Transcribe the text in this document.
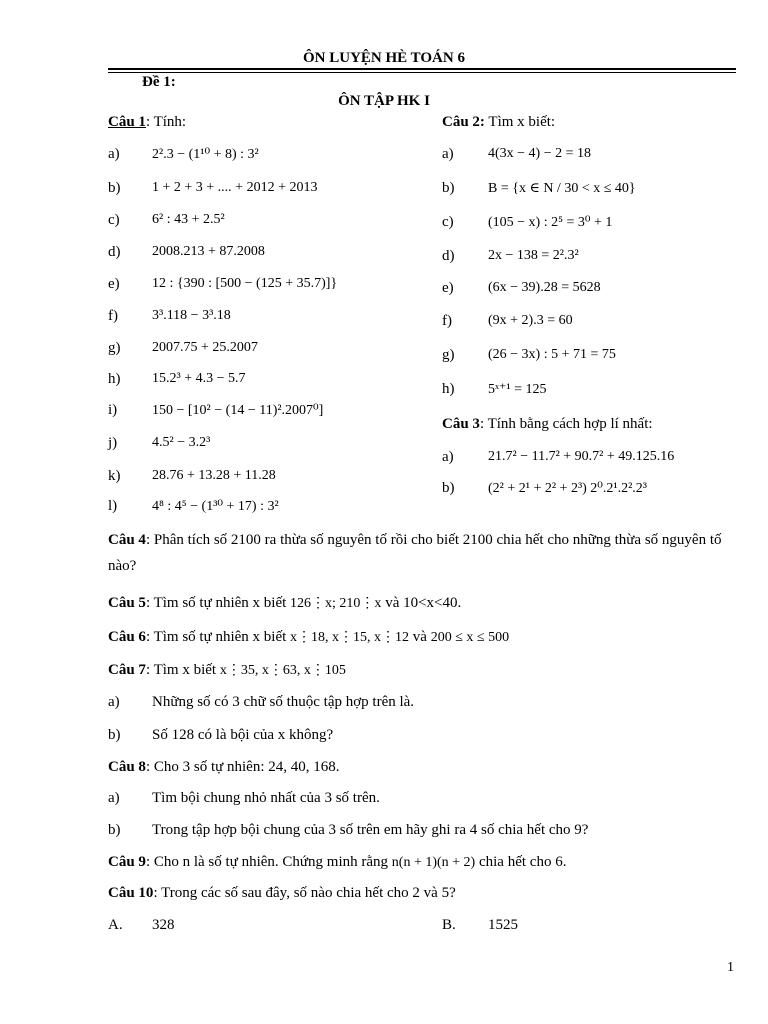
ÔN LUYỆN HÈ TOÁN 6
Đề 1:
ÔN TẬP HK I
Câu 1: Tính:
a) 2².3 − (1¹⁰ + 8) : 3²
b) 1 + 2 + 3 + .... + 2012 + 2013
c) 6² : 43 + 2.5²
d) 2008.213 + 87.2008
e) 12 : {390 : [500 − (125 + 35.7)]}
f) 3³.118 − 3³.18
g) 2007.75 + 25.2007
h) 15.2³ + 4.3 − 5.7
i) 150 − [10² − (14 − 11)².2007⁰]
j) 4.5² − 3.2³
k) 28.76 + 13.28 + 11.28
l) 4⁸ : 4⁵ − (1³⁰ + 17) : 3²
Câu 2: Tìm x biết:
a) 4(3x − 4) − 2 = 18
b) B = {x ∈ N / 30 < x ≤ 40}
c) (105 − x) : 2⁵ = 3⁰ + 1
d) 2x − 138 = 2².3²
e) (6x − 39).28 = 5628
f)	(9x + 2).3 = 60
g) (26 − 3x) : 5 + 71 = 75
h) 5ˣ⁺¹ = 125
Câu 3: Tính bằng cách hợp lí nhất:
a) 21.7² − 11.7² + 90.7² + 49.125.16
b) (2² + 2¹ + 2² + 2³) 2⁰.2¹.2².2³
Câu 4: Phân tích số 2100 ra thừa số nguyên tố rồi cho biết 2100 chia hết cho những thừa số nguyên tố nào?
Câu 5: Tìm số tự nhiên x biết 126⋮x; 210⋮x và 10<x<40.
Câu 6: Tìm số tự nhiên x biết x⋮18, x⋮15, x⋮12 và 200 ≤ x ≤ 500
Câu 7: Tìm x biết x⋮35, x⋮63, x⋮105
a) Những số có 3 chữ số thuộc tập hợp trên là.
b) Số 128 có là bội của x không?
Câu 8: Cho 3 số tự nhiên: 24, 40, 168.
a) Tìm bội chung nhỏ nhất của 3 số trên.
b) Trong tập hợp bội chung của 3 số trên em hãy ghi ra 4 số chia hết cho 9?
Câu 9: Cho n là số tự nhiên. Chứng minh rằng n(n + 1)(n + 2) chia hết cho 6.
Câu 10: Trong các số sau đây, số nào chia hết cho 2 và 5?
A. 328	B. 1525
1
